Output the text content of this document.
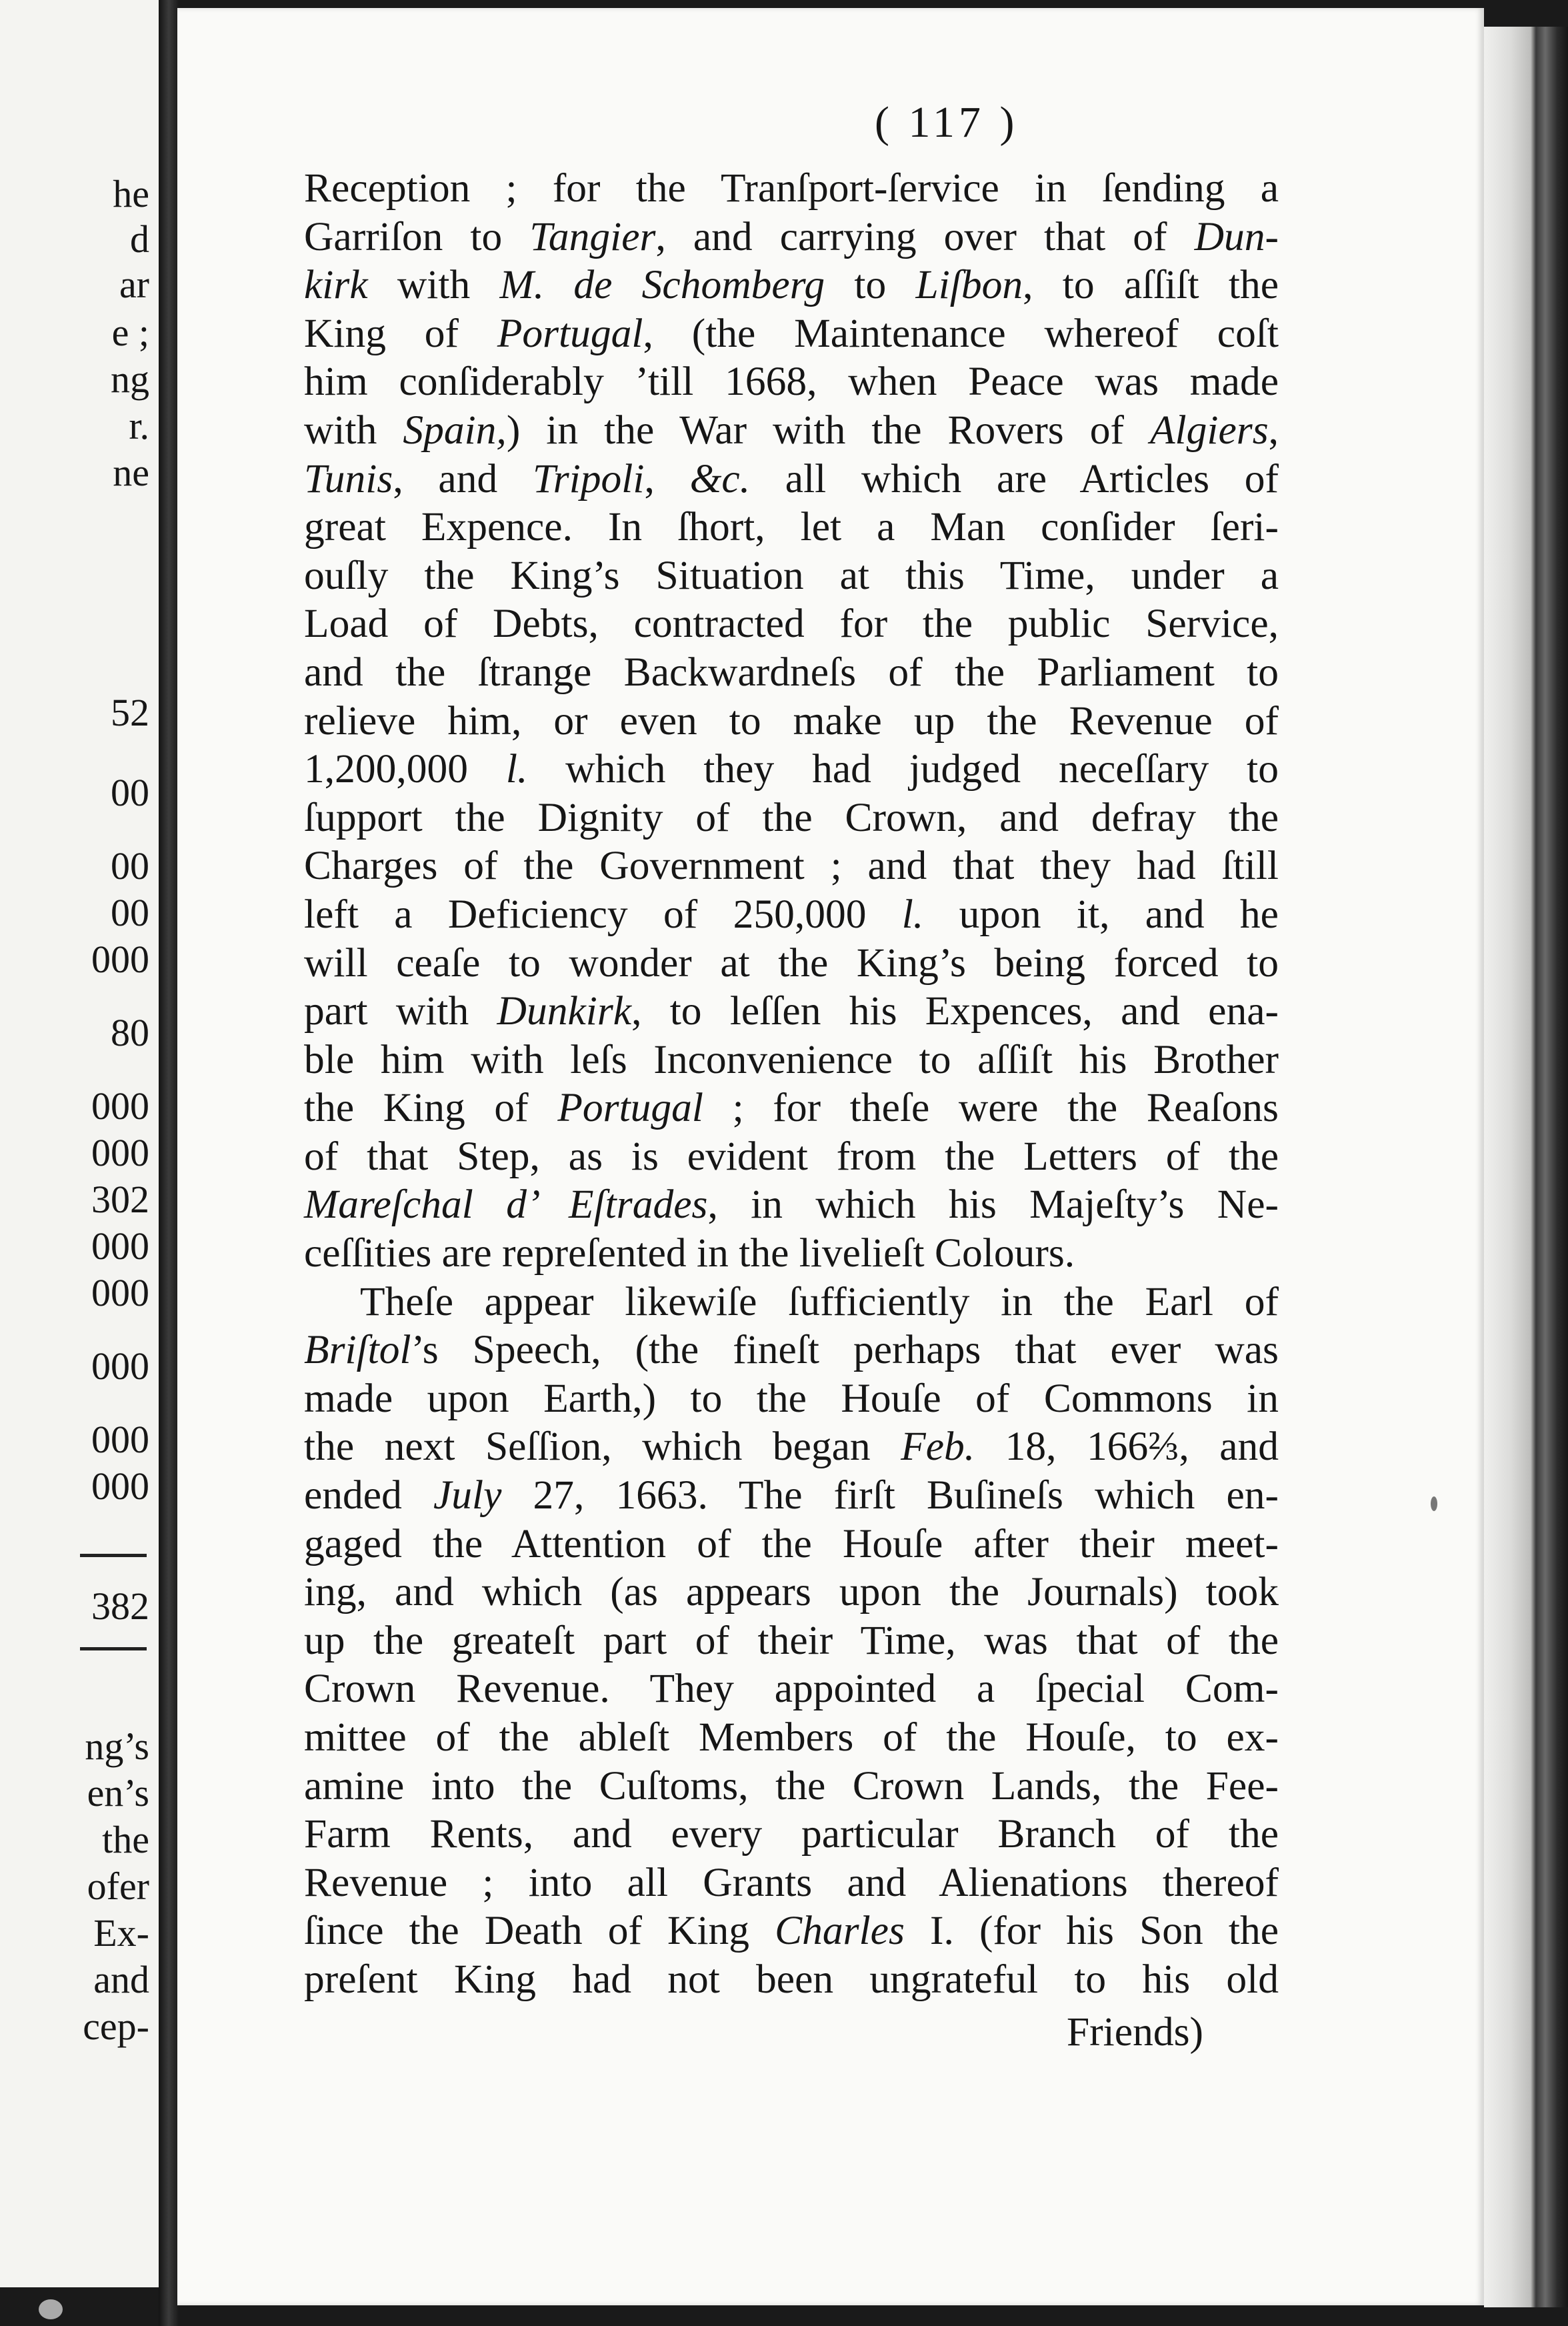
he
d
ar
e ;
ng
r.
ne
52
00
00
00
000
80
000
000
302
000
000
000
000
000
382
ng’s
en’s
the
ofer
Ex-
and
cep-
( 117 )
Reception ; for the Tranſport-ſervice in ſending a
Garriſon to Tangier, and carrying over that of Dun-
kirk with M. de Schomberg to Liſbon, to aſſiſt the
King of Portugal, (the Maintenance whereof coſt
him conſiderably ’till 1668, when Peace was made
with Spain,) in the War with the Rovers of Algiers,
Tunis, and Tripoli, &c. all which are Articles of
great Expence. In ſhort, let a Man conſider ſeri-
ouſly the King’s Situation at this Time, under a
Load of Debts, contracted for the public Service,
and the ſtrange Backwardneſs of the Parliament to
relieve him, or even to make up the Revenue of
1,200,000 l. which they had judged neceſſary to
ſupport the Dignity of the Crown, and defray the
Charges of the Government ; and that they had ſtill
left a Deficiency of 250,000 l. upon it, and he
will ceaſe to wonder at the King’s being forced to
part with Dunkirk, to leſſen his Expences, and ena-
ble him with leſs Inconvenience to aſſiſt his Brother
the King of Portugal ; for theſe were the Reaſons
of that Step, as is evident from the Letters of the
Mareſchal d’ Eſtrades, in which his Majeſty’s Ne-
ceſſities are repreſented in the livelieſt Colours.
Theſe appear likewiſe ſufficiently in the Earl of
Briſtol’s Speech, (the fineſt perhaps that ever was
made upon Earth,) to the Houſe of Commons in
the next Seſſion, which began Feb. 18, 166⅔, and
ended July 27, 1663. The firſt Buſineſs which en-
gaged the Attention of the Houſe after their meet-
ing, and which (as appears upon the Journals) took
up the greateſt part of their Time, was that of the
Crown Revenue. They appointed a ſpecial Com-
mittee of the ableſt Members of the Houſe, to ex-
amine into the Cuſtoms, the Crown Lands, the Fee-
Farm Rents, and every particular Branch of the
Revenue ; into all Grants and Alienations thereof
ſince the Death of King Charles I. (for his Son the
preſent King had not been ungrateful to his old
Friends)
